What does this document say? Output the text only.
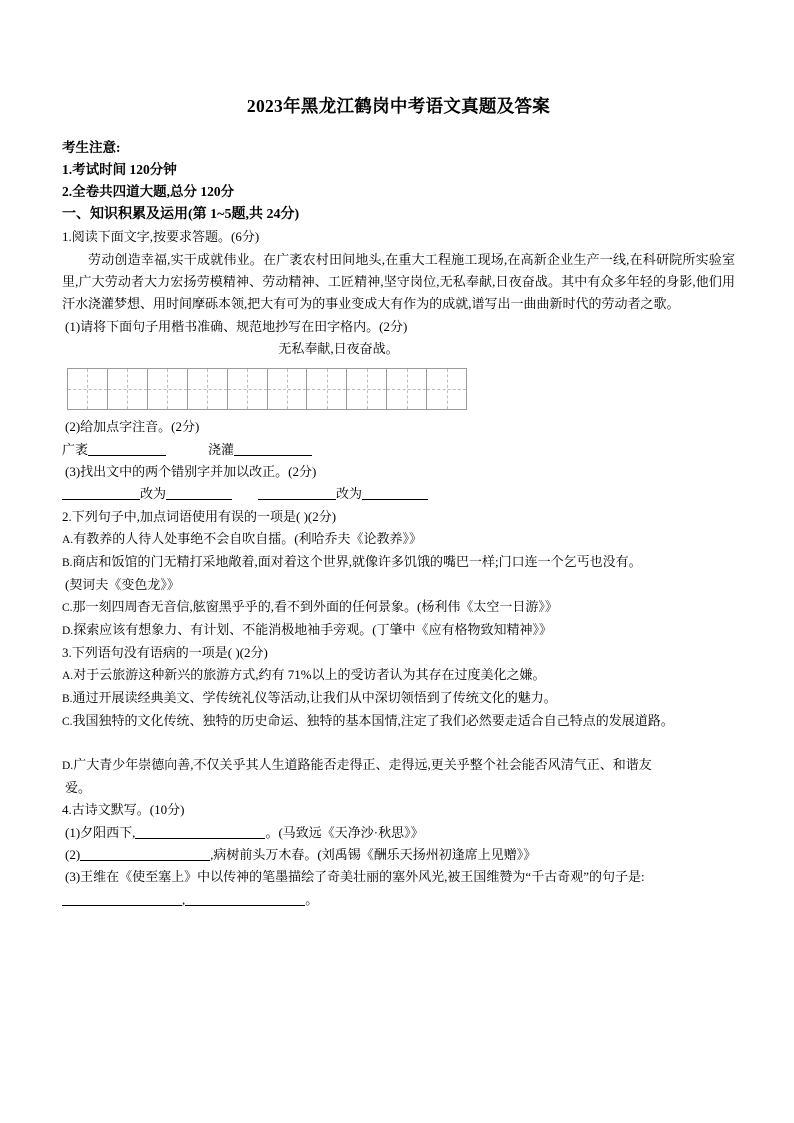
2023年黑龙江鹤岗中考语文真题及答案
考生注意:
1.考试时间 120分钟
2.全卷共四道大题,总分 120分
一、知识积累及运用(第 1~5题,共 24分)
1.阅读下面文字,按要求答题。(6分)
劳动创造幸福,实干成就伟业。在广袤农村田间地头,在重大工程施工现场,在高新企业生产一线,在科研院所实验室里,广大劳动者大力宏扬劳模精神、劳动精神、工匠精神,坚守岗位,无私奉献,日夜奋战。其中有众多年轻的身影,他们用汗水浇灌梦想、用时间摩砾本领,把大有可为的事业变成大有作为的成就,谱写出一曲曲新时代的劳动者之歌。
(1)请将下面句子用楷书准确、规范地抄写在田字格内。(2分)
无私奉献,日夜奋战。
(2)给加点字注音。(2分)
广袤	浇灌
(3)找出文中的两个错别字并加以改正。(2分)
改为	改为
2.下列句子中,加点词语使用有误的一项是( )(2分)
A.有教养的人待人处事绝不会自吹自擂。(利哈乔夫《论教养》》
B.商店和饭馆的门无精打采地敞着,面对着这个世界,就像许多饥饿的嘴巴一样;门口连一个乞丐也没有。
(契诃夫《变色龙》》
C.那一刻四周杳无音信,舷窗黑乎乎的,看不到外面的任何景象。(杨利伟《太空一日游》》
D.探索应该有想象力、有计划、不能消极地袖手旁观。(丁肇中《应有格物致知精神》》
3.下列语句没有语病的一项是( )(2分)
A.对于云旅游这种新兴的旅游方式,约有 71%以上的受访者认为其存在过度美化之嫌。
B.通过开展读经典美文、学传统礼仪等活动,让我们从中深切领悟到了传统文化的魅力。
C.我国独特的文化传统、独特的历史命运、独特的基本国情,注定了我们必然要走适合自己特点的发展道路。
D.广大青少年崇德向善,不仅关乎其人生道路能否走得正、走得远,更关乎整个社会能否风清气正、和谐友
爱。
4.古诗文默写。(10分)
(1)夕阳西下,	。(马致远《天净沙·秋思》》
(2)	,病树前头万木春。(刘禹锡《酬乐天扬州初逢席上见赠》》
(3)王维在《使至塞上》中以传神的笔墨描绘了奇美壮丽的塞外风光,被王国维赞为“千古奇观”的句子是:
,	。
